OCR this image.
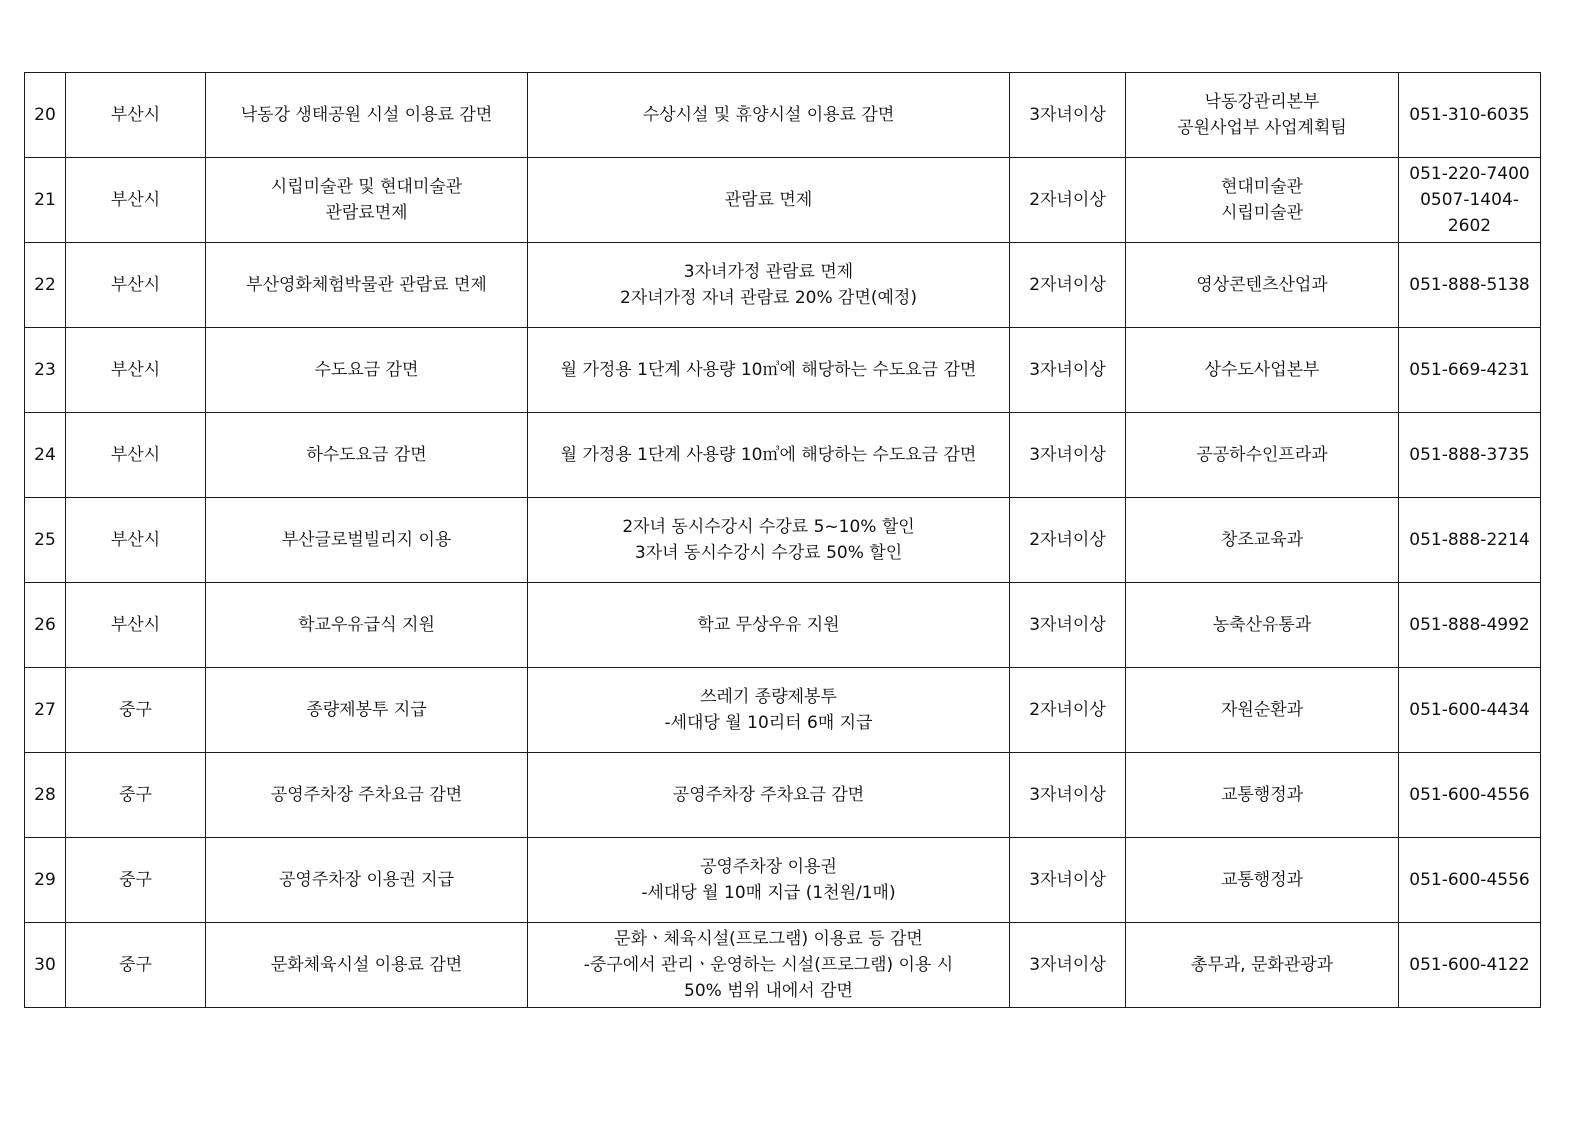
20	부산시	낙동강 생태공원 시설 이용료 감면	수상시설 및 휴양시설 이용료 감면	3자녀이상	낙동강관리본부
공원사업부 사업계획팀	051-310-6035
21	부산시	시립미술관 및 현대미술관
관람료면제	관람료 면제	2자녀이상	현대미술관
시립미술관	051-220-7400
0507-1404-2602
22	부산시	부산영화체험박물관 관람료 면제	3자녀가정 관람료 면제
2자녀가정 자녀 관람료 20% 감면(예정)	2자녀이상	영상콘텐츠산업과	051-888-5138
23	부산시	수도요금 감면	월 가정용 1단계 사용량 10㎥에 해당하는 수도요금 감면	3자녀이상	상수도사업본부	051-669-4231
24	부산시	하수도요금 감면	월 가정용 1단계 사용량 10㎥에 해당하는 수도요금 감면	3자녀이상	공공하수인프라과	051-888-3735
25	부산시	부산글로벌빌리지 이용	2자녀 동시수강시 수강료 5~10% 할인
3자녀 동시수강시 수강료 50% 할인	2자녀이상	창조교육과	051-888-2214
26	부산시	학교우유급식 지원	학교 무상우유 지원	3자녀이상	농축산유통과	051-888-4992
27	중구	종량제봉투 지급	쓰레기 종량제봉투
-세대당 월 10리터 6매 지급	2자녀이상	자원순환과	051-600-4434
28	중구	공영주차장 주차요금 감면	공영주차장 주차요금 감면	3자녀이상	교통행정과	051-600-4556
29	중구	공영주차장 이용권 지급	공영주차장 이용권
-세대당 월 10매 지급 (1천원/1매)	3자녀이상	교통행정과	051-600-4556
30	중구	문화체육시설 이용료 감면	문화ㆍ체육시설(프로그램) 이용료 등 감면
-중구에서 관리ㆍ운영하는 시설(프로그램) 이용 시
50% 범위 내에서 감면	3자녀이상	총무과, 문화관광과	051-600-4122
